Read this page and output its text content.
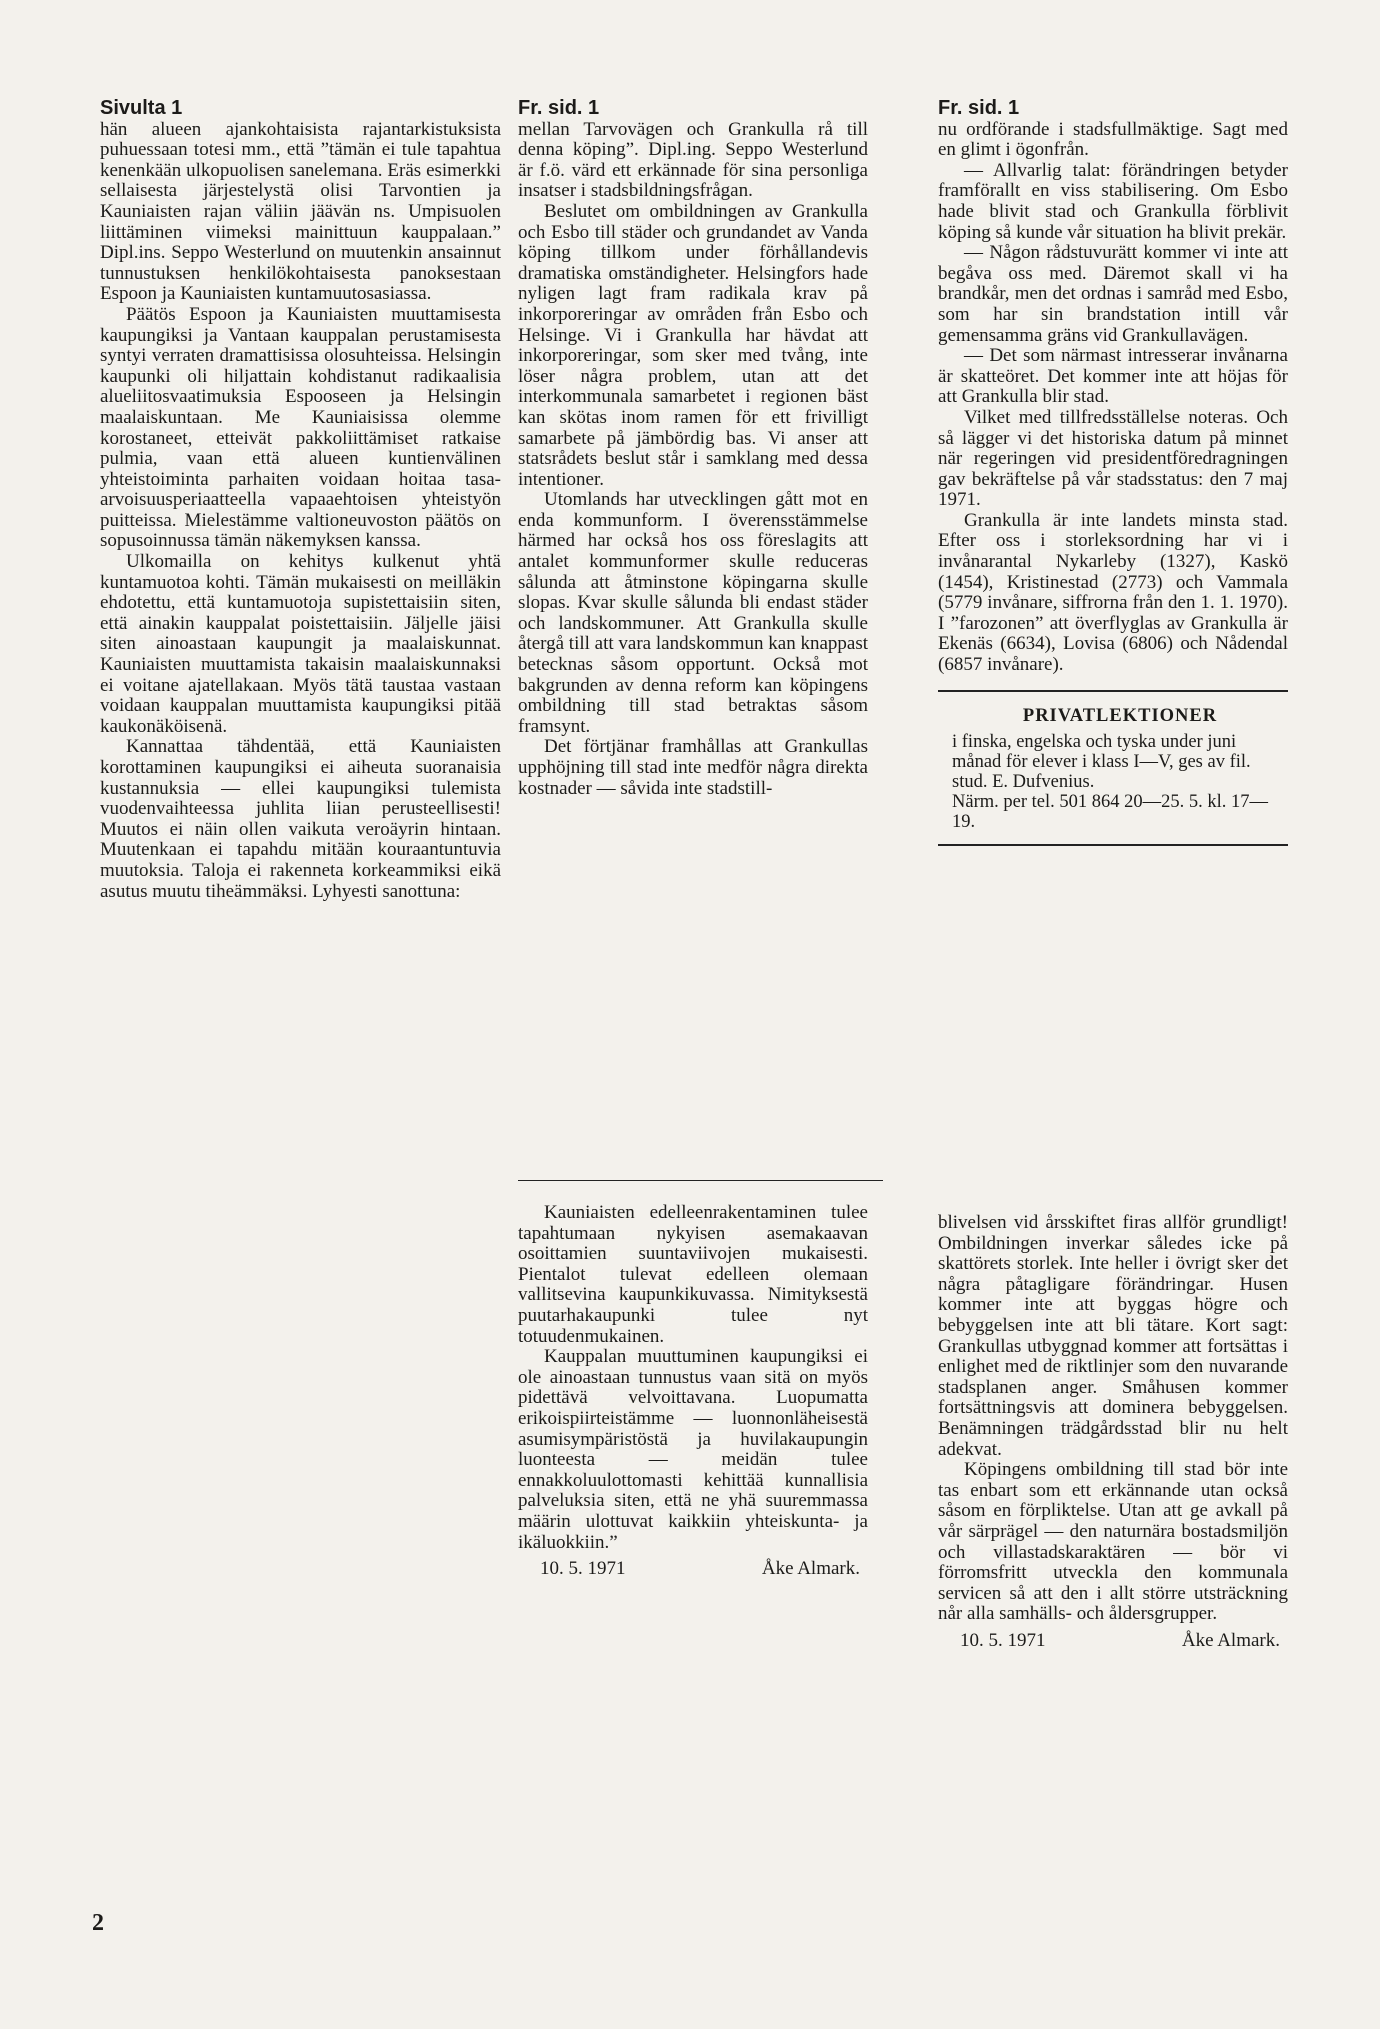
Sivulta 1

hän alueen ajankohtaisista rajantarkistuksista puhuessaan totesi mm., että ”tämän ei tule tapahtua kenenkään ulkopuolisen sanelemana. Eräs esimerkki sellaisesta järjestelystä olisi Tarvontien ja Kauniaisten rajan väliin jäävän ns. Umpisuolen liittäminen viimeksi mainittuun kauppalaan.” Dipl.ins. Seppo Westerlund on muutenkin ansainnut tunnustuksen henkilökohtaisesta panoksestaan Espoon ja Kauniaisten kuntamuutosasiassa.

Päätös Espoon ja Kauniaisten muuttamisesta kaupungiksi ja Vantaan kauppalan perustamisesta syntyi verraten dramattisissa olosuhteissa. Helsingin kaupunki oli hiljattain kohdistanut radikaalisia alueliitosvaatimuksia Espooseen ja Helsingin maalaiskuntaan. Me Kauniaisissa olemme korostaneet, etteivät pakkoliittämiset ratkaise pulmia, vaan että alueen kuntienvälinen yhteistoiminta parhaiten voidaan hoitaa tasa-arvoisuusperiaatteella vapaaehtoisen yhteistyön puitteissa. Mielestämme valtioneuvoston päätös on sopusoinnussa tämän näkemyksen kanssa.

Ulkomailla on kehitys kulkenut yhtä kuntamuotoa kohti. Tämän mukaisesti on meilläkin ehdotettu, että kuntamuotoja supistettaisiin siten, että ainakin kauppalat poistettaisiin. Jäljelle jäisi siten ainoastaan kaupungit ja maalaiskunnat. Kauniaisten muuttamista takaisin maalaiskunnaksi ei voitane ajatellakaan. Myös tätä taustaa vastaan voidaan kauppalan muuttamista kaupungiksi pitää kaukonäköisenä.

Kannattaa tähdentää, että Kauniaisten korottaminen kaupungiksi ei aiheuta suoranaisia kustannuksia — ellei kaupungiksi tulemista vuodenvaihteessa juhlita liian perusteellisesti! Muutos ei näin ollen vaikuta veroäyrin hintaan. Muutenkaan ei tapahdu mitään kouraantuntuvia muutoksia. Taloja ei rakenneta korkeammiksi eikä asutus muutu tiheämmäksi. Lyhyesti sanottuna:

Fr. sid. 1

mellan Tarvovägen och Grankulla rå till denna köping”. Dipl.ing. Seppo Westerlund är f.ö. värd ett erkännade för sina personliga insatser i stadsbildningsfrågan.

Beslutet om ombildningen av Grankulla och Esbo till städer och grundandet av Vanda köping tillkom under förhållandevis dramatiska omständigheter. Helsingfors hade nyligen lagt fram radikala krav på inkorporeringar av områden från Esbo och Helsinge. Vi i Grankulla har hävdat att inkorporeringar, som sker med tvång, inte löser några problem, utan att det interkommunala samarbetet i regionen bäst kan skötas inom ramen för ett frivilligt samarbete på jämbördig bas. Vi anser att statsrådets beslut står i samklang med dessa intentioner.

Utomlands har utvecklingen gått mot en enda kommunform. I överensstämmelse härmed har också hos oss föreslagits att antalet kommunformer skulle reduceras sålunda att åtminstone köpingarna skulle slopas. Kvar skulle sålunda bli endast städer och landskommuner. Att Grankulla skulle återgå till att vara landskommun kan knappast betecknas såsom opportunt. Också mot bakgrunden av denna reform kan köpingens ombildning till stad betraktas såsom framsynt.

Det förtjänar framhållas att Grankullas upphöjning till stad inte medför några direkta kostnader — såvida inte stadstill-

Kauniaisten edelleenrakentaminen tulee tapahtumaan nykyisen asemakaavan osoittamien suuntaviivojen mukaisesti. Pientalot tulevat edelleen olemaan vallitsevina kaupunkikuvassa. Nimityksestä puutarhakaupunki tulee nyt totuudenmukainen.

Kauppalan muuttuminen kaupungiksi ei ole ainoastaan tunnustus vaan sitä on myös pidettävä velvoittavana. Luopumatta erikoispiirteistämme — luonnonläheisestä asumisympäristöstä ja huvilakaupungin luonteesta — meidän tulee ennakkoluulottomasti kehittää kunnallisia palveluksia siten, että ne yhä suuremmassa määrin ulottuvat kaikkiin yhteiskunta- ja ikäluokkiin.”

10. 5. 1971	Åke Almark.
Fr. sid. 1

nu ordförande i stadsfullmäktige. Sagt med en glimt i ögonfrån.

— Allvarlig talat: förändringen betyder framförallt en viss stabilisering. Om Esbo hade blivit stad och Grankulla förblivit köping så kunde vår situation ha blivit prekär.

— Någon rådstuvurätt kommer vi inte att begåva oss med. Däremot skall vi ha brandkår, men det ordnas i samråd med Esbo, som har sin brandstation intill vår gemensamma gräns vid Grankullavägen.

— Det som närmast intresserar invånarna är skatteöret. Det kommer inte att höjas för att Grankulla blir stad.

Vilket med tillfredsställelse noteras. Och så lägger vi det historiska datum på minnet när regeringen vid presidentföredragningen gav bekräftelse på vår stadsstatus: den 7 maj 1971.

Grankulla är inte landets minsta stad. Efter oss i storleksordning har vi i invånarantal Nykarleby (1327), Kaskö (1454), Kristinestad (2773) och Vammala (5779 invånare, siffrorna från den 1. 1. 1970). I ”farozonen” att överflyglas av Grankulla är Ekenäs (6634), Lovisa (6806) och Nådendal (6857 invånare).

PRIVATLEKTIONER
i finska, engelska och tyska under juni månad för elever i klass I—V, ges av fil. stud. E. Dufvenius.
Närm. per tel. 501 864 20—25. 5. kl. 17—19.

blivelsen vid årsskiftet firas allför grundligt! Ombildningen inverkar således icke på skattörets storlek. Inte heller i övrigt sker det några påtagligare förändringar. Husen kommer inte att byggas högre och bebyggelsen inte att bli tätare. Kort sagt: Grankullas utbyggnad kommer att fortsättas i enlighet med de riktlinjer som den nuvarande stadsplanen anger. Småhusen kommer fortsättningsvis att dominera bebyggelsen. Benämningen trädgårdsstad blir nu helt adekvat.

Köpingens ombildning till stad bör inte tas enbart som ett erkännande utan också såsom en förpliktelse. Utan att ge avkall på vår särprägel — den naturnära bostadsmiljön och villastadskaraktären — bör vi förromsfritt utveckla den kommunala servicen så att den i allt större utsträckning når alla samhälls- och åldersgrupper.

10. 5. 1971	Åke Almark.
2
